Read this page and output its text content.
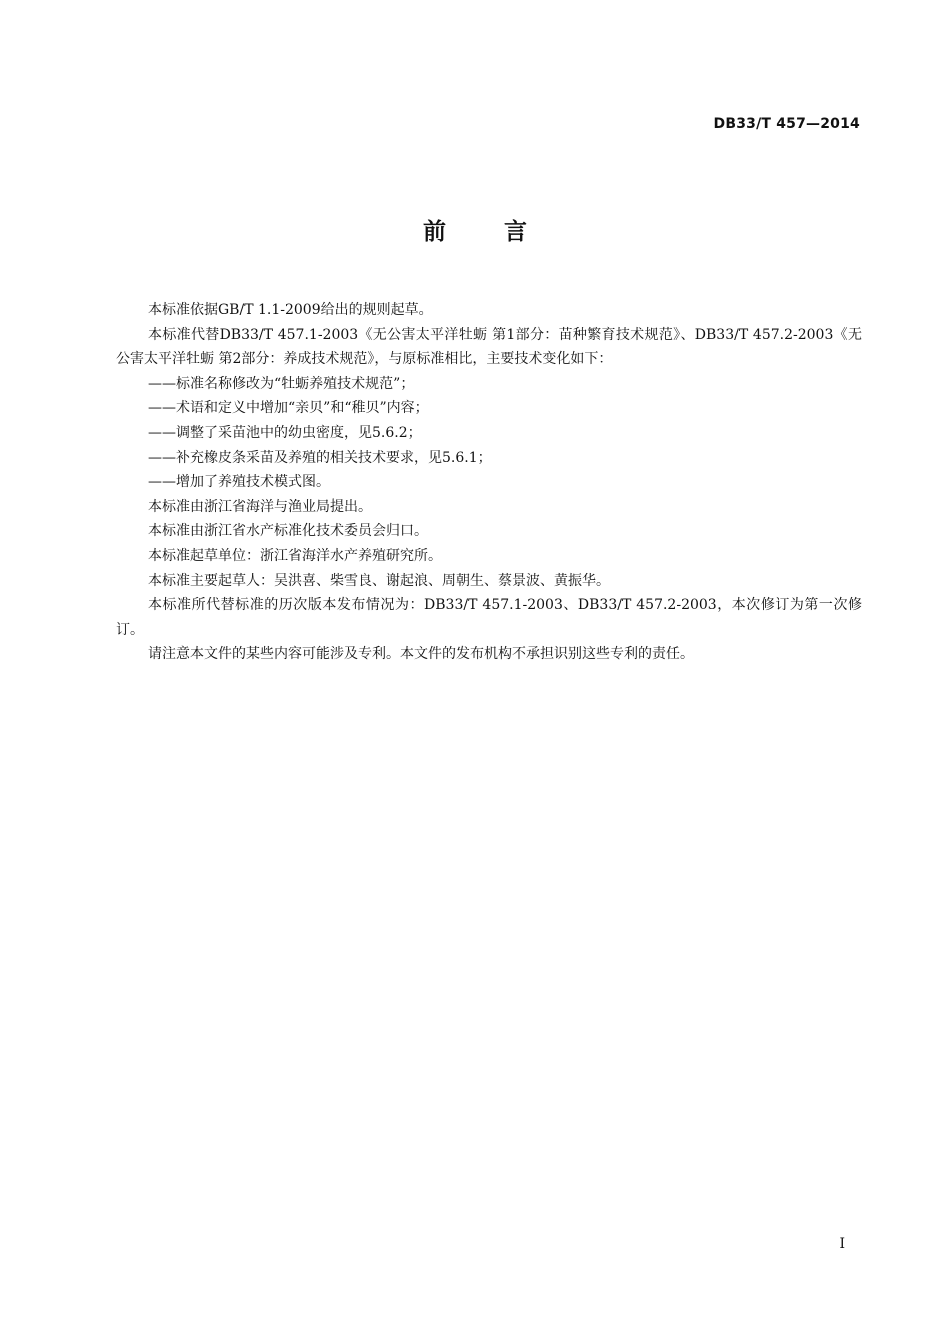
DB33/T 457—2014
前	言

本标准依据GB/T 1.1-2009给出的规则起草。

本标准代替DB33/T 457.1-2003《无公害太平洋牡蛎 第1部分：苗种繁育技术规范》、DB33/T 457.2-2003《无公害太平洋牡蛎 第2部分：养成技术规范》，与原标准相比，主要技术变化如下：

——标准名称修改为“牡蛎养殖技术规范”；

——术语和定义中增加“亲贝”和“稚贝”内容；

——调整了采苗池中的幼虫密度，见5.6.2；

——补充橡皮条采苗及养殖的相关技术要求，见5.6.1；

——增加了养殖技术模式图。

本标准由浙江省海洋与渔业局提出。

本标准由浙江省水产标准化技术委员会归口。

本标准起草单位：浙江省海洋水产养殖研究所。

本标准主要起草人：吴洪喜、柴雪良、谢起浪、周朝生、蔡景波、黄振华。

本标准所代替标准的历次版本发布情况为：DB33/T 457.1-2003、DB33/T 457.2-2003，本次修订为第一次修订。

请注意本文件的某些内容可能涉及专利。本文件的发布机构不承担识别这些专利的责任。

I
